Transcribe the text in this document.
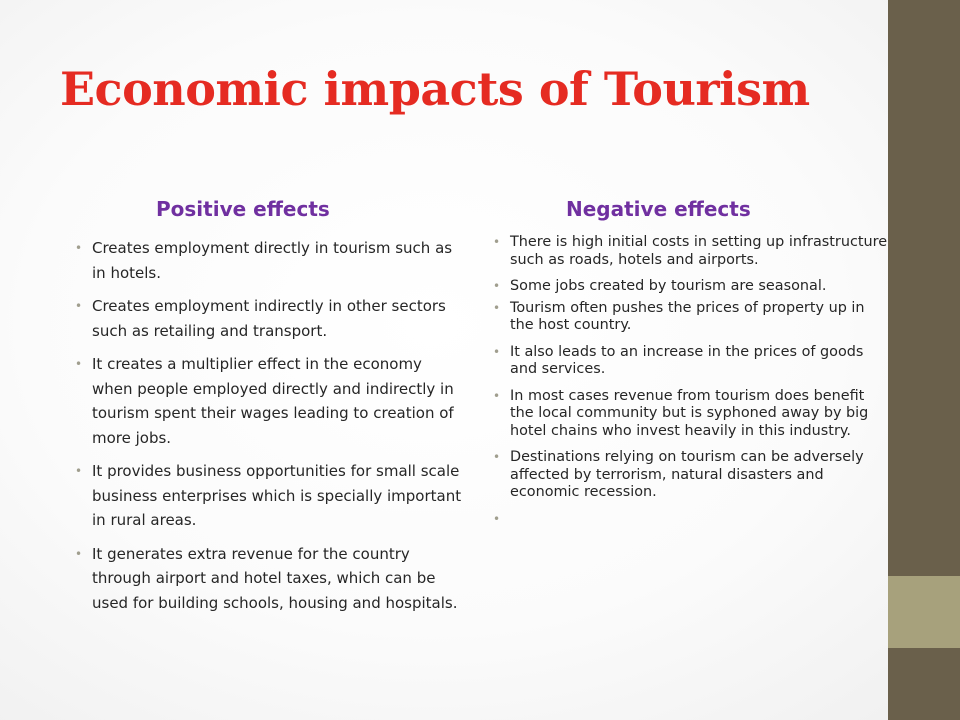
Economic impacts of Tourism
Positive effects	Negative effects
• Creates employment directly in tourism such as in hotels.
• Creates employment indirectly in other sectors such as retailing and transport.
• It creates a multiplier effect in the economy when people employed directly and indirectly in tourism spent their wages leading to creation of more jobs.
• It provides business opportunities for small scale business enterprises which is specially important in rural areas.
• It generates extra revenue for the country through airport and hotel taxes, which can be used for building schools, housing and hospitals.
• There is high initial costs in setting up infrastructure such as roads, hotels and airports.
• Some jobs created by tourism are seasonal.
• Tourism often pushes the prices of property up in the host country.
• It also leads to an increase in the prices of goods and services.
• In most cases revenue from tourism does benefit the local community but is syphoned away by big hotel chains who invest heavily in this industry.
• Destinations relying on tourism can be adversely affected by terrorism, natural disasters and economic recession.
•
